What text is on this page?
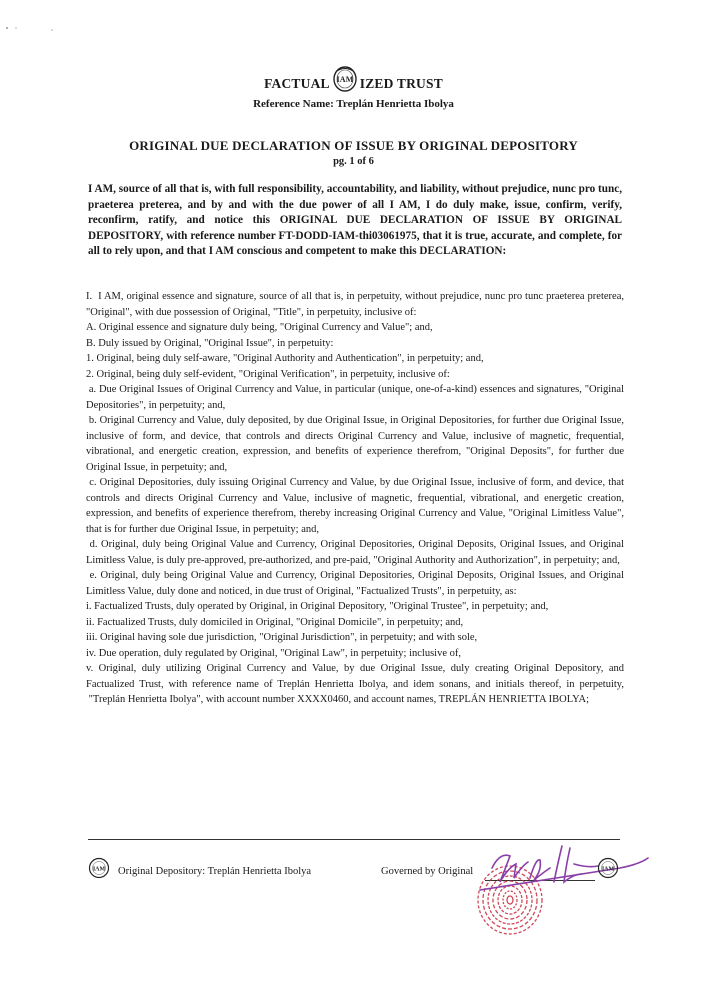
FACTUAL IAM IZED TRUST
Reference Name: Treplán Henrietta Ibolya
ORIGINAL DUE DECLARATION OF ISSUE BY ORIGINAL DEPOSITORY
pg. 1 of 6
I AM, source of all that is, with full responsibility, accountability, and liability, without prejudice, nunc pro tunc, praeterea preterea, and by and with the due power of all I AM, I do duly make, issue, confirm, verify, reconfirm, ratify, and notice this ORIGINAL DUE DECLARATION OF ISSUE BY ORIGINAL DEPOSITORY, with reference number FT-DODD-IAM-thi03061975, that it is true, accurate, and complete, for all to rely upon, and that I AM conscious and competent to make this DECLARATION:

I.  I AM, original essence and signature, source of all that is, in perpetuity, without prejudice, nunc pro tunc praeterea preterea, "Original", with due possession of Original, "Title", in perpetuity, inclusive of:

A. Original essence and signature duly being, "Original Currency and Value"; and,

B. Duly issued by Original, "Original Issue", in perpetuity:

1. Original, being duly self-aware, "Original Authority and Authentication", in perpetuity; and,

2. Original, being duly self-evident, "Original Verification", in perpetuity, inclusive of:

a. Due Original Issues of Original Currency and Value, in particular (unique, one-of-a-kind) essences and signatures, "Original Depositories", in perpetuity; and,

b. Original Currency and Value, duly deposited, by due Original Issue, in Original Depositories, for further due Original Issue, inclusive of form, and device, that controls and directs Original Currency and Value, inclusive of magnetic, frequential, vibrational, and energetic creation, expression, and benefits of experience therefrom, "Original Deposits", for further due Original Issue, in perpetuity; and,

c. Original Depositories, duly issuing Original Currency and Value, by due Original Issue, inclusive of form, and device, that controls and directs Original Currency and Value, inclusive of magnetic, frequential, vibrational, and energetic creation, expression, and benefits of experience therefrom, thereby increasing Original Currency and Value, "Original Limitless Value", that is for further due Original Issue, in perpetuity; and,

d. Original, duly being Original Value and Currency, Original Depositories, Original Deposits, Original Issues, and Original Limitless Value, is duly pre-approved, pre-authorized, and pre-paid, "Original Authority and Authorization", in perpetuity; and,

e. Original, duly being Original Value and Currency, Original Depositories, Original Deposits, Original Issues, and Original Limitless Value, duly done and noticed, in due trust of Original, "Factualized Trusts", in perpetuity, as:

i. Factualized Trusts, duly operated by Original, in Original Depository, "Original Trustee", in perpetuity; and,

ii. Factualized Trusts, duly domiciled in Original, "Original Domicile", in perpetuity; and,

iii. Original having sole due jurisdiction, "Original Jurisdiction", in perpetuity; and with sole,

iv. Due operation, duly regulated by Original, "Original Law", in perpetuity; inclusive of,

v. Original, duly utilizing Original Currency and Value, by due Original Issue, duly creating Original Depository, and Factualized Trust, with reference name of Treplán Henrietta Ibolya, and idem sonans, and initials thereof, in perpetuity,  "Treplán Henrietta Ibolya", with account number XXXX0460, and account names, TREPLÁN HENRIETTA IBOLYA;

IAM Original Depository: Treplán Henrietta Ibolya	Governed by Original	IAM
